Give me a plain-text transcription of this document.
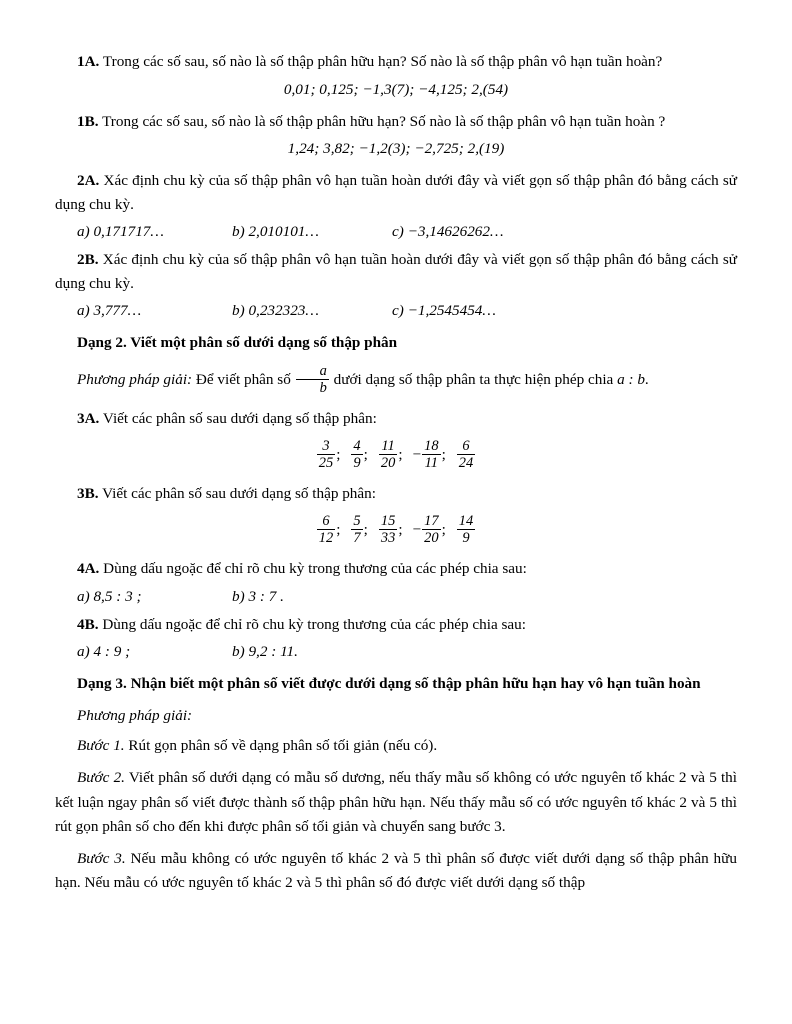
1A. Trong các số sau, số nào là số thập phân hữu hạn? Số nào là số thập phân vô hạn tuần hoàn?

0,01; 0,125; −1,3(7); −4,125; 2,(54)

1B. Trong các số sau, số nào là số thập phân hữu hạn? Số nào là số thập phân vô hạn tuần hoàn ?

1,24; 3,82; −1,2(3); −2,725; 2,(19)

2A. Xác định chu kỳ của số thập phân vô hạn tuần hoàn dưới đây và viết gọn số thập phân đó bằng cách sử dụng chu kỳ.

a) 0,171717…	b) 2,010101…	c) −3,14626262…

2B. Xác định chu kỳ của số thập phân vô hạn tuần hoàn dưới đây và viết gọn số thập phân đó bằng cách sử dụng chu kỳ.

a) 3,777…	b) 0,232323…	c) −1,2545454…

Dạng 2. Viết một phân số dưới dạng số thập phân

Phương pháp giải: Để viết phân số $\frac{a}{b}$ dưới dạng số thập phân ta thực hiện phép chia a : b.

3A. Viết các phân số sau dưới dạng số thập phân:

$\frac{3}{25}$ ; $\frac{4}{9}$ ; $\frac{11}{20}$ ; − $\frac{18}{11}$ ; $\frac{6}{24}$

3B. Viết các phân số sau dưới dạng số thập phân:

$\frac{6}{12}$ ; $\frac{5}{7}$ ; $\frac{15}{33}$ ; − $\frac{17}{20}$ ; $\frac{14}{9}$

4A. Dùng dấu ngoặc để chỉ rõ chu kỳ trong thương của các phép chia sau:

a) 8,5 : 3 ;	b) 3 : 7 .

4B. Dùng dấu ngoặc để chỉ rõ chu kỳ trong thương của các phép chia sau:

a) 4 : 9 ;	b) 9,2 : 11.

Dạng 3. Nhận biết một phân số viết được dưới dạng số thập phân hữu hạn hay vô hạn tuần hoàn

Phương pháp giải:

Bước 1. Rút gọn phân số về dạng phân số tối giản (nếu có).

Bước 2. Viết phân số dưới dạng có mẫu số dương, nếu thấy mẫu số không có ước nguyên tố khác 2 và 5 thì kết luận ngay phân số viết được thành số thập phân hữu hạn. Nếu thấy mẫu số có ước nguyên tố khác 2 và 5 thì rút gọn phân số cho đến khi được phân số tối giản và chuyển sang bước 3.

Bước 3. Nếu mẫu không có ước nguyên tố khác 2 và 5 thì phân số được viết dưới dạng số thập phân hữu hạn. Nếu mẫu có ước nguyên tố khác 2 và 5 thì phân số đó được viết dưới dạng số thập
